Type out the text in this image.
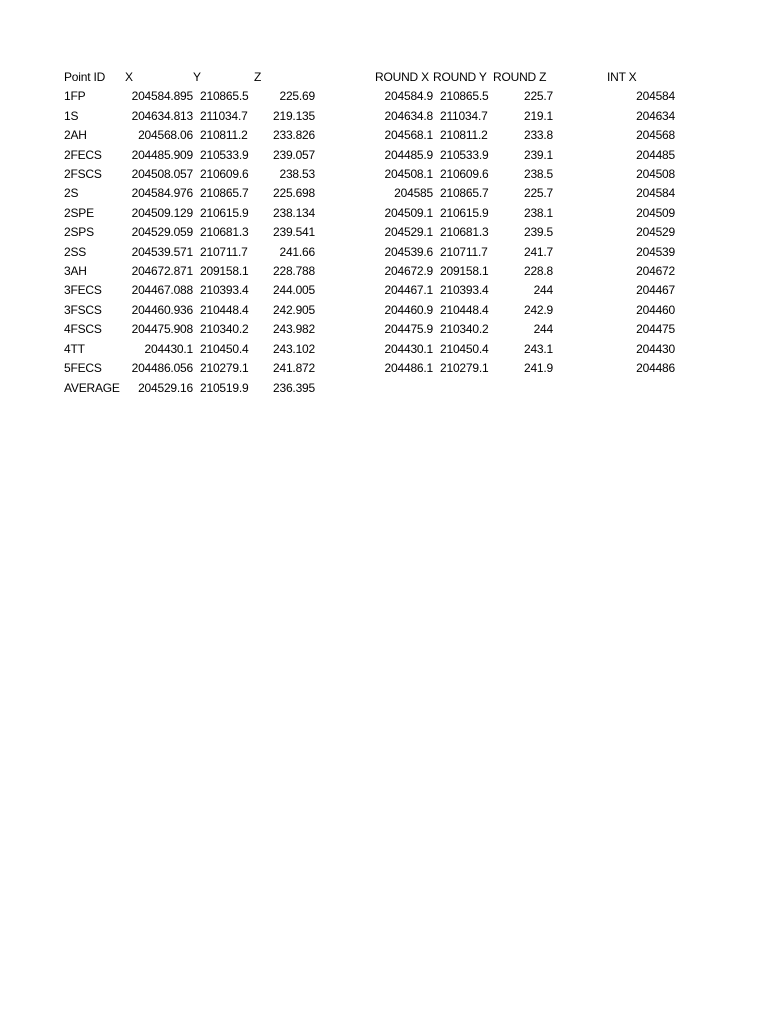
	Point ID	X	Y	Z		ROUND X	ROUND Y	ROUND Z		INT X	
	1FP	204584.895	210865.5	225.69		204584.9	210865.5	225.7		204584	
	1S	204634.813	211034.7	219.135		204634.8	211034.7	219.1		204634	
	2AH	204568.06	210811.2	233.826		204568.1	210811.2	233.8		204568	
	2FECS	204485.909	210533.9	239.057		204485.9	210533.9	239.1		204485	
	2FSCS	204508.057	210609.6	238.53		204508.1	210609.6	238.5		204508	
	2S	204584.976	210865.7	225.698		204585	210865.7	225.7		204584	
	2SPE	204509.129	210615.9	238.134		204509.1	210615.9	238.1		204509	
	2SPS	204529.059	210681.3	239.541		204529.1	210681.3	239.5		204529	
	2SS	204539.571	210711.7	241.66		204539.6	210711.7	241.7		204539	
	3AH	204672.871	209158.1	228.788		204672.9	209158.1	228.8		204672	
	3FECS	204467.088	210393.4	244.005		204467.1	210393.4	244		204467	
	3FSCS	204460.936	210448.4	242.905		204460.9	210448.4	242.9		204460	
	4FSCS	204475.908	210340.2	243.982		204475.9	210340.2	244		204475	
	4TT	204430.1	210450.4	243.102		204430.1	210450.4	243.1		204430	
	5FECS	204486.056	210279.1	241.872		204486.1	210279.1	241.9		204486	
	AVERAGE	204529.16	210519.9	236.395							
